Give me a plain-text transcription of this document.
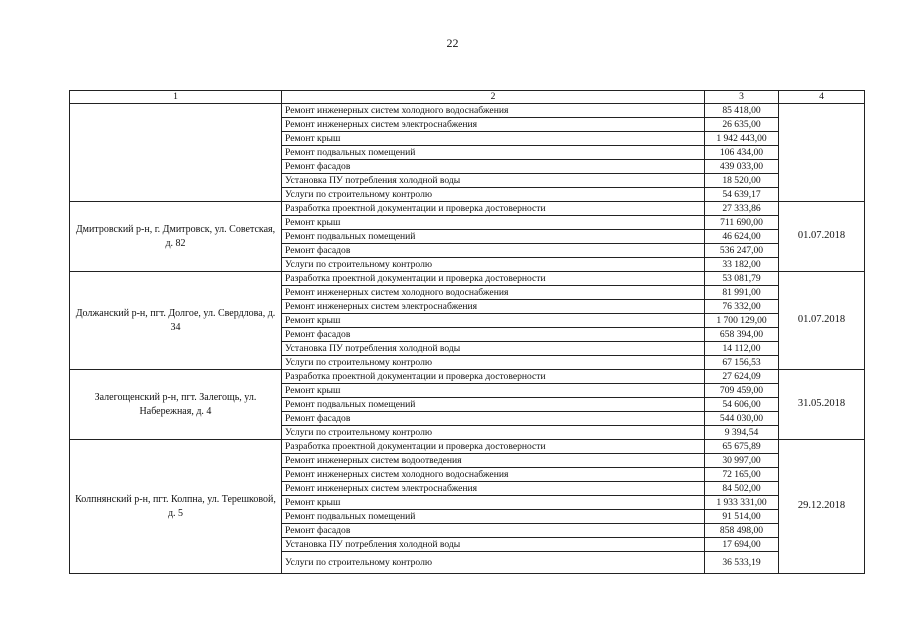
22
1	2	3	4
	Ремонт инженерных систем холодного водоснабжения	85 418,00	
	Ремонт инженерных систем электроснабжения	26 635,00	
	Ремонт крыш	1 942 443,00	
	Ремонт подвальных помещений	106 434,00	
	Ремонт фасадов	439 033,00	
	Установка ПУ потребления холодной воды	18 520,00	
	Услуги по строительному контролю	54 639,17	
Дмитровский р-н, г. Дмитровск, ул. Советская, д. 82	Разработка проектной документации и проверка достоверности	27 333,86	01.07.2018
	Ремонт крыш	711 690,00	
	Ремонт подвальных помещений	46 624,00	
	Ремонт фасадов	536 247,00	
	Услуги по строительному контролю	33 182,00	
Должанский р-н, пгт. Долгое, ул. Свердлова, д. 34	Разработка проектной документации и проверка достоверности	53 081,79	01.07.2018
	Ремонт инженерных систем холодного водоснабжения	81 991,00	
	Ремонт инженерных систем электроснабжения	76 332,00	
	Ремонт крыш	1 700 129,00	
	Ремонт фасадов	658 394,00	
	Установка ПУ потребления холодной воды	14 112,00	
	Услуги по строительному контролю	67 156,53	
Залегощенский р-н, пгт. Залегощь, ул. Набережная, д. 4	Разработка проектной документации и проверка достоверности	27 624,09	31.05.2018
	Ремонт крыш	709 459,00	
	Ремонт подвальных помещений	54 606,00	
	Ремонт фасадов	544 030,00	
	Услуги по строительному контролю	9 394,54	
Колпнянский р-н, пгт. Колпна, ул. Терешковой, д. 5	Разработка проектной документации и проверка достоверности	65 675,89	29.12.2018
	Ремонт инженерных систем водоотведения	30 997,00	
	Ремонт инженерных систем холодного водоснабжения	72 165,00	
	Ремонт инженерных систем электроснабжения	84 502,00	
	Ремонт крыш	1 933 331,00	
	Ремонт подвальных помещений	91 514,00	
	Ремонт фасадов	858 498,00	
	Установка ПУ потребления холодной воды	17 694,00	
	Услуги по строительному контролю	36 533,19	
